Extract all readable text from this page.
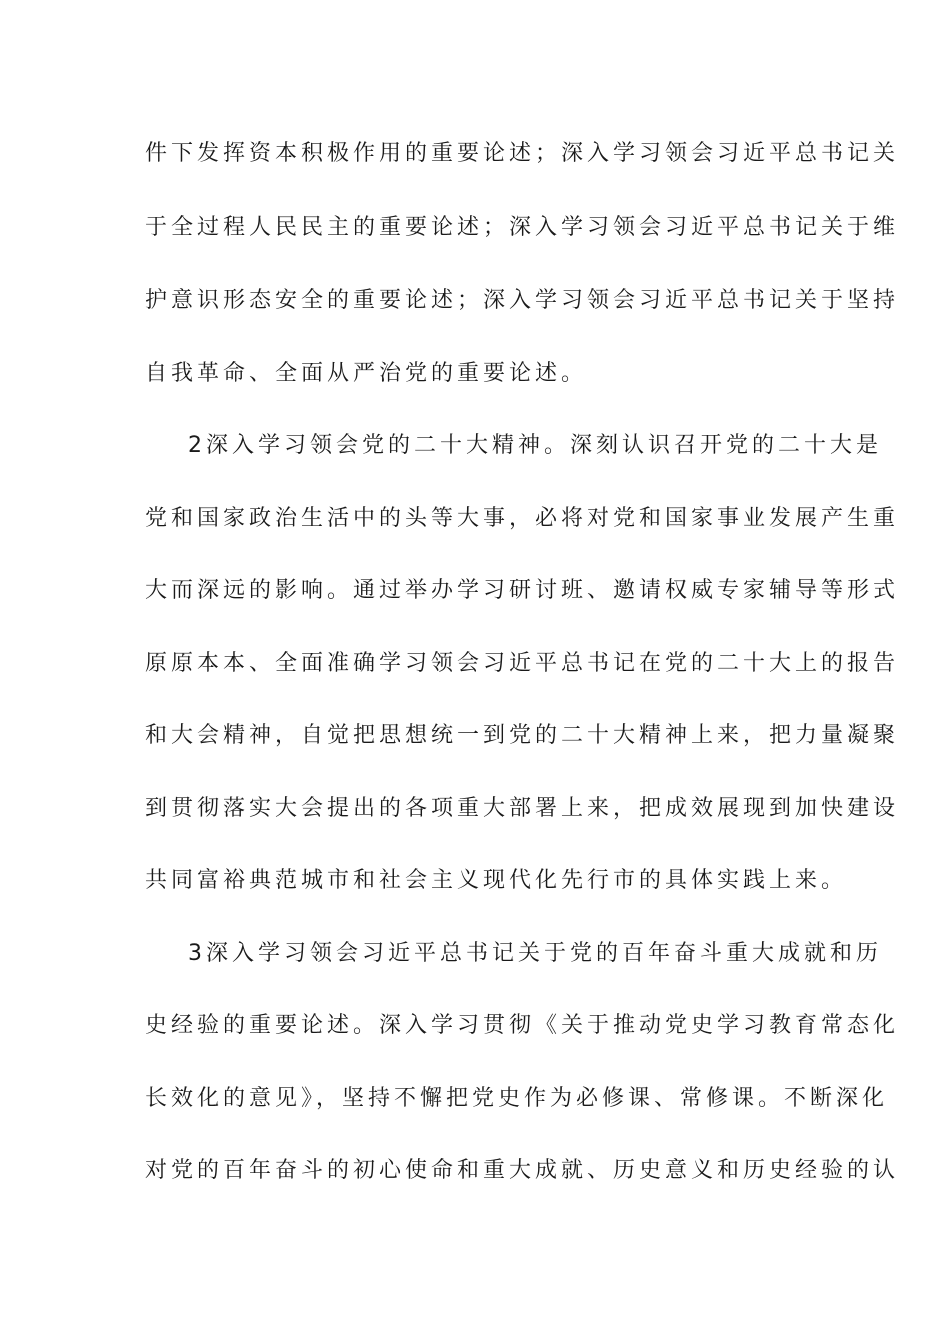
件下发挥资本积极作用的重要论述；深入学习领会习近平总书记关
于全过程人民民主的重要论述；深入学习领会习近平总书记关于维
护意识形态安全的重要论述；深入学习领会习近平总书记关于坚持
自我革命、全面从严治党的重要论述。
2深入学习领会党的二十大精神。深刻认识召开党的二十大是
党和国家政治生活中的头等大事，必将对党和国家事业发展产生重
大而深远的影响。通过举办学习研讨班、邀请权威专家辅导等形式
原原本本、全面准确学习领会习近平总书记在党的二十大上的报告
和大会精神，自觉把思想统一到党的二十大精神上来，把力量凝聚
到贯彻落实大会提出的各项重大部署上来，把成效展现到加快建设
共同富裕典范城市和社会主义现代化先行市的具体实践上来。
3深入学习领会习近平总书记关于党的百年奋斗重大成就和历
史经验的重要论述。深入学习贯彻《关于推动党史学习教育常态化
长效化的意见》，坚持不懈把党史作为必修课、常修课。不断深化
对党的百年奋斗的初心使命和重大成就、历史意义和历史经验的认
